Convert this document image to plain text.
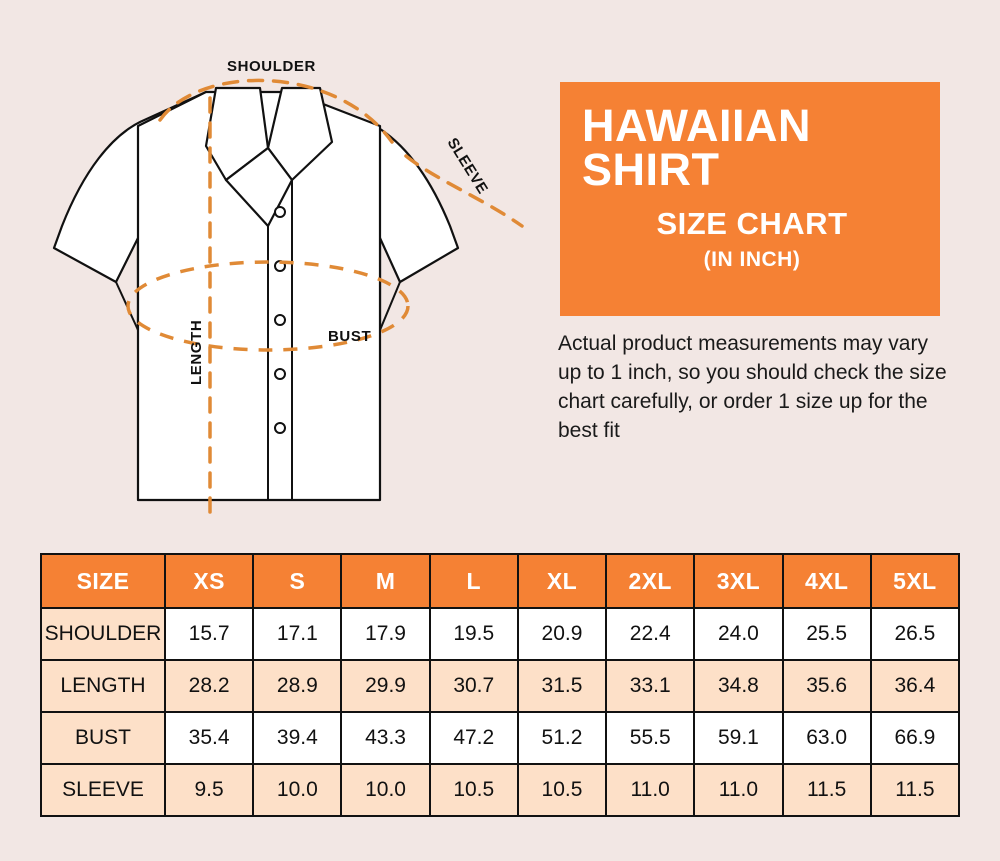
SHOULDER
SLEEVE
BUST
LENGTH
HAWAIIAN
SHIRT
SIZE CHART
(IN INCH)
Actual product measurements may vary up to 1 inch, so you should check the size chart carefully, or order 1 size up for the best fit
SIZE	XS	S	M	L	XL	2XL	3XL	4XL	5XL
SHOULDER	15.7	17.1	17.9	19.5	20.9	22.4	24.0	25.5	26.5
LENGTH	28.2	28.9	29.9	30.7	31.5	33.1	34.8	35.6	36.4
BUST	35.4	39.4	43.3	47.2	51.2	55.5	59.1	63.0	66.9
SLEEVE	9.5	10.0	10.0	10.5	10.5	11.0	11.0	11.5	11.5
